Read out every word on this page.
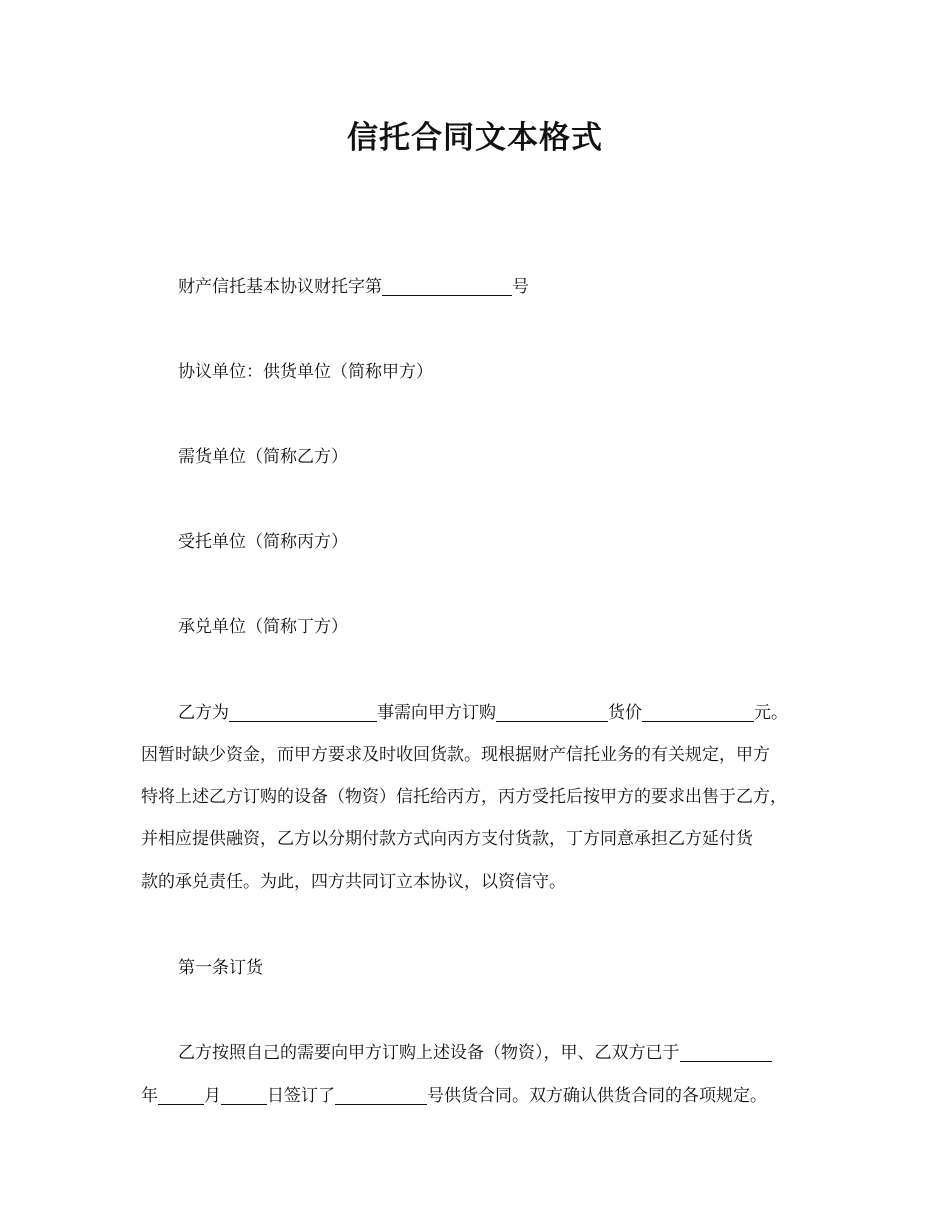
信托合同文本格式
财产信托基本协议财托字第	号
协议单位：供货单位（简称甲方）
需货单位（简称乙方）
受托单位（简称丙方）
承兑单位（简称丁方）
乙方为	事需向甲方订购	货价	元。
因暂时缺少资金，而甲方要求及时收回货款。现根据财产信托业务的有关规定，甲方
特将上述乙方订购的设备（物资）信托给丙方，丙方受托后按甲方的要求出售于乙方，
并相应提供融资，乙方以分期付款方式向丙方支付货款，丁方同意承担乙方延付货
款的承兑责任。为此，四方共同订立本协议，以资信守。
第一条订货
乙方按照自己的需要向甲方订购上述设备（物资），甲、乙双方已于
年	月	日签订了	号供货合同。双方确认供货合同的各项规定。
